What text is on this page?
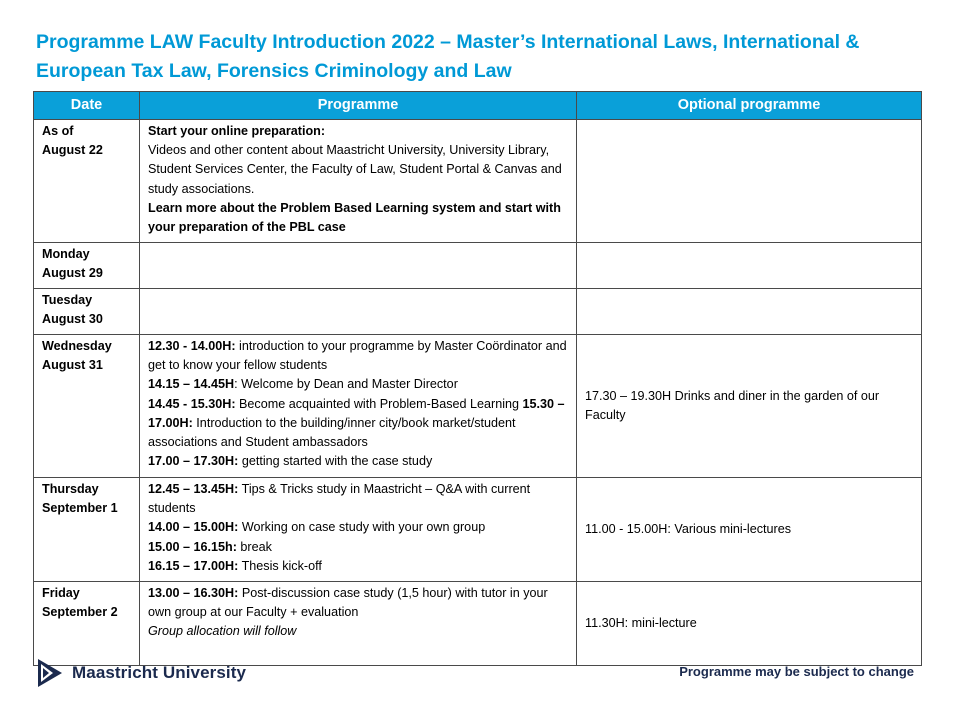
Programme LAW Faculty Introduction 2022 – Master’s International Laws, International & European Tax Law, Forensics Criminology and Law
Date	Programme	Optional programme

As of
August 22	Start your online preparation:
Videos and other content about Maastricht University, University Library, Student Services Center, the Faculty of Law, Student Portal & Canvas and study associations.
Learn more about the Problem Based Learning system and start with your preparation of the PBL case	

Monday
August 29		

Tuesday
August 30		

Wednesday
August 31	12.30 - 14.00H: introduction to your programme by Master Coördinator and get to know your fellow students
14.15 – 14.45H: Welcome by Dean and Master Director
14.45 - 15.30H: Become acquainted with Problem-Based Learning 15.30 – 17.00H: Introduction to the building/inner city/book market/student associations and Student ambassadors
17.00 – 17.30H: getting started with the case study	17.30 – 19.30H Drinks and diner in the garden of our Faculty

Thursday
September 1	12.45 – 13.45H: Tips & Tricks study in Maastricht – Q&A with current students
14.00 – 15.00H: Working on case study with your own group
15.00 – 16.15h: break
16.15 – 17.00H: Thesis kick-off	11.00 - 15.00H: Various mini-lectures

Friday
September 2	13.00 – 16.30H: Post-discussion case study (1,5 hour) with tutor in your own group at our Faculty + evaluation
Group allocation will follow	11.30H: mini-lecture
Maastricht University	Programme may be subject to change
